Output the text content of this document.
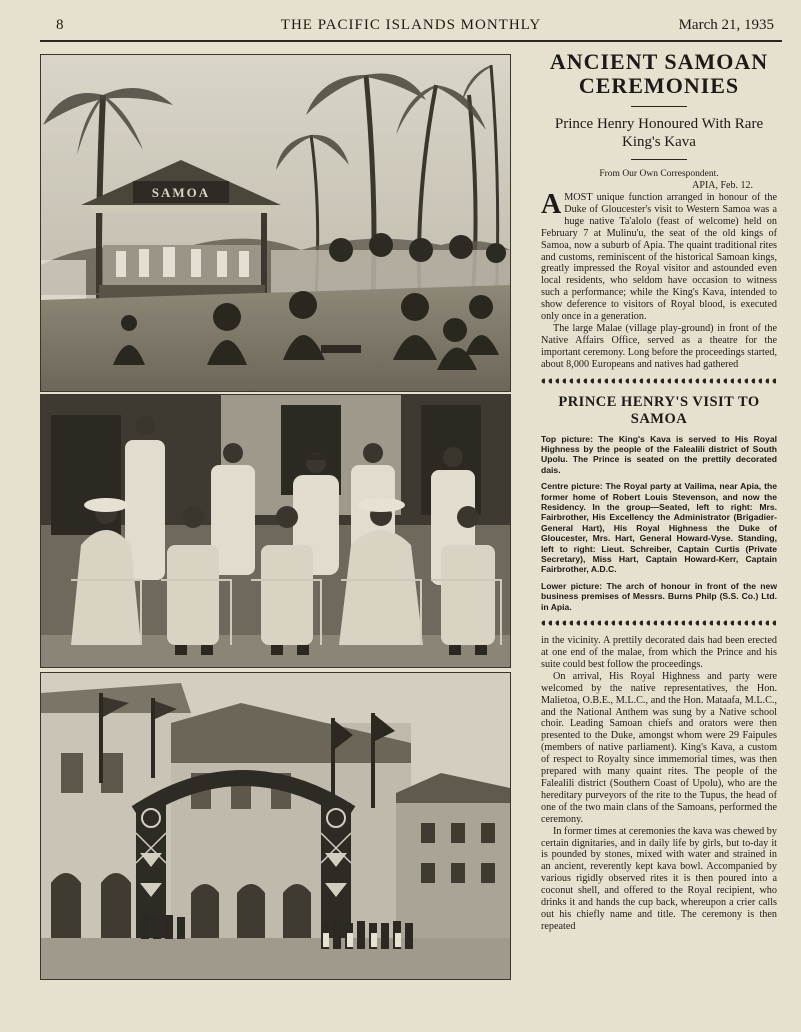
8	THE PACIFIC ISLANDS MONTHLY	March 21, 1935
SAMOA
ANCIENT SAMOAN
CEREMONIES

Prince Henry Honoured With Rare King's Kava

From Our Own Correspondent.

APIA, Feb. 12.

AMOST unique function arranged in honour of the Duke of Gloucester's visit to Western Samoa was a huge native Ta'alolo (feast of welcome) held on February 7 at Mulinu'u, the seat of the old kings of Samoa, now a suburb of Apia. The quaint traditional rites and customs, reminiscent of the historical Samoan kings, greatly impressed the Royal visitor and astounded even local residents, who seldom have occasion to witness such a performance; while the King's Kava, intended to show deference to visitors of Royal blood, is executed only once in a generation.

The large Malae (village play-ground) in front of the Native Affairs Office, served as a theatre for the important ceremony. Long before the proceedings started, about 8,000 Europeans and natives had gathered

PRINCE HENRY'S VISIT TO
SAMOA

Top picture: The King's Kava is served to His Royal Highness by the people of the Falealili district of South Upolu. The Prince is seated on the prettily decorated dais.

Centre picture: The Royal party at Vailima, near Apia, the former home of Robert Louis Stevenson, and now the Residency. In the group—Seated, left to right: Mrs. Fairbrother, His Excellency the Administrator (Brigadier-General Hart), His Royal Highness the Duke of Gloucester, Mrs. Hart, General Howard-Vyse. Standing, left to right: Lieut. Schreiber, Captain Curtis (Private Secretary), Miss Hart, Captain Howard-Kerr, Captain Fairbrother, A.D.C.

Lower picture: The arch of honour in front of the new business premises of Messrs. Burns Philp (S.S. Co.) Ltd. in Apia.

in the vicinity. A prettily decorated dais had been erected at one end of the malae, from which the Prince and his suite could best follow the proceedings.

On arrival, His Royal Highness and party were welcomed by the native representatives, the Hon. Malietoa, O.B.E., M.L.C., and the Hon. Mataafa, M.L.C., and the National Anthem was sung by a Native school choir. Leading Samoan chiefs and orators were then presented to the Duke, amongst whom were 29 Faipules (members of native parliament). King's Kava, a custom of respect to Royalty since immemorial times, was then prepared with many quaint rites. The people of the Falealili district (Southern Coast of Upolu), who are the hereditary purveyors of the rite to the Tupus, the head of one of the two main clans of the Samoans, performed the ceremony.

In former times at ceremonies the kava was chewed by certain dignitaries, and in daily life by girls, but to-day it is pounded by stones, mixed with water and strained in an ancient, reverently kept kava bowl. Accompanied by various rigidly observed rites it is then poured into a coconut shell, and offered to the Royal recipient, who drinks it and hands the cup back, whereupon a crier calls out his chiefly name and title. The ceremony is then repeated
